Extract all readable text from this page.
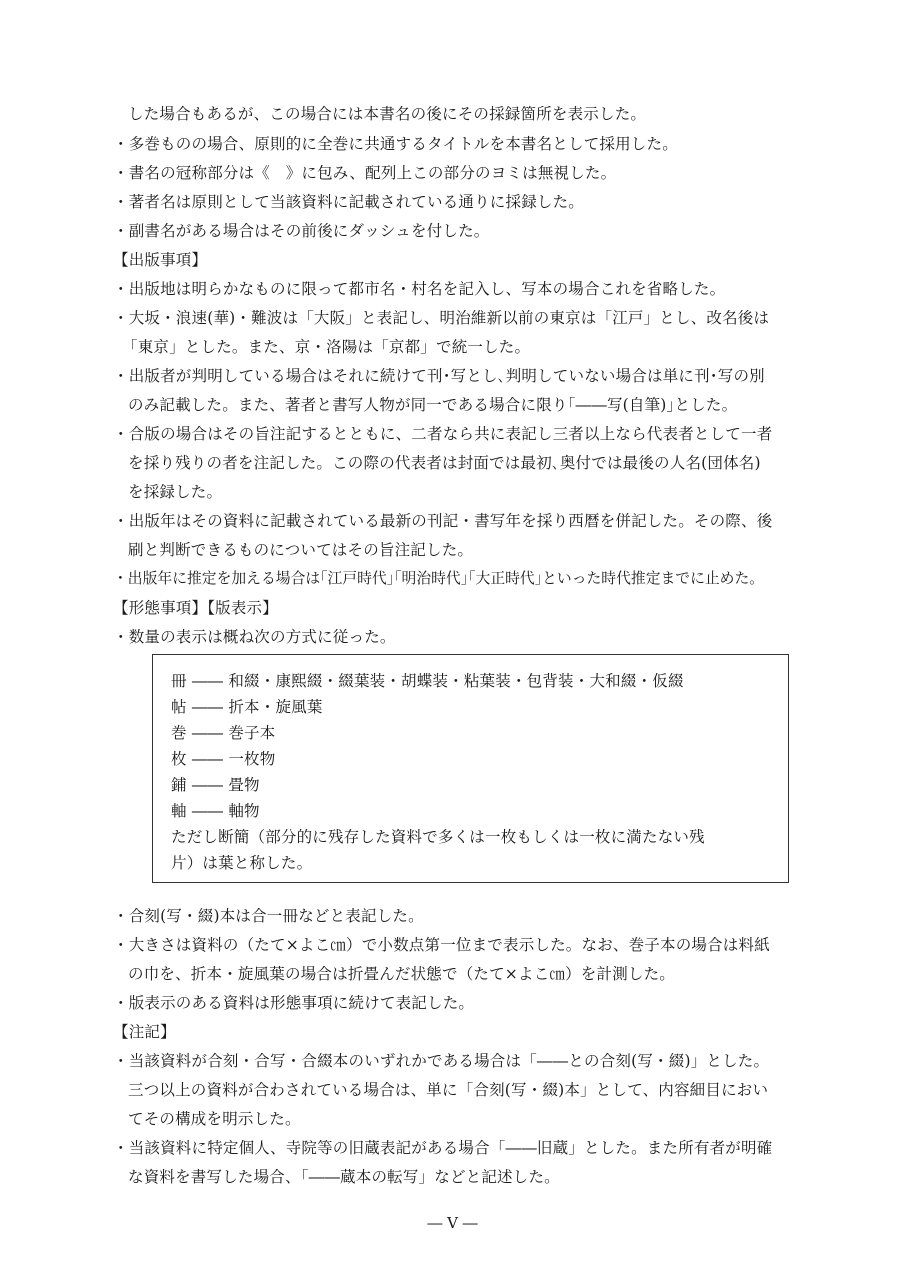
した場合もあるが、この場合には本書名の後にその採録箇所を表示した。
・多巻ものの場合、原則的に全巻に共通するタイトルを本書名として採用した。
・書名の冠称部分は《　》に包み、配列上この部分のヨミは無視した。
・著者名は原則として当該資料に記載されている通りに採録した。
・副書名がある場合はその前後にダッシュを付した。
【出版事項】
・出版地は明らかなものに限って都市名・村名を記入し、写本の場合これを省略した。
・大坂・浪速(華)・難波は「大阪」と表記し、明治維新以前の東京は「江戸」とし、改名後は
「東京」とした。また、京・洛陽は「京都」で統一した。
・出版者が判明している場合はそれに続けて刊･写とし､判明していない場合は単に刊･写の別
のみ記載した。また、著者と書写人物が同一である場合に限り｢――写(自筆)｣とした。
・合版の場合はその旨注記するとともに、二者なら共に表記し三者以上なら代表者として一者
を採り残りの者を注記した。この際の代表者は封面では最初､奥付では最後の人名(団体名)
を採録した。
・出版年はその資料に記載されている最新の刊記・書写年を採り西暦を併記した。その際、後
刷と判断できるものについてはその旨注記した。
・出版年に推定を加える場合は｢江戸時代｣｢明治時代｣｢大正時代｣といった時代推定までに止めた。
【形態事項】【版表示】
・数量の表示は概ね次の方式に従った。
冊 ―― 和綴・康熙綴・綴葉装・胡蝶装・粘葉装・包背装・大和綴・仮綴
帖 ―― 折本・旋風葉
巻 ―― 巻子本
枚 ―― 一枚物
鋪 ―― 畳物
軸 ―― 軸物
ただし断簡（部分的に残存した資料で多くは一枚もしくは一枚に満たない残
片）は葉と称した。
・合刻(写・綴)本は合一冊などと表記した。
・大きさは資料の（たて×よこ㎝）で小数点第一位まで表示した。なお、巻子本の場合は料紙
の巾を、折本・旋風葉の場合は折畳んだ状態で（たて×よこ㎝）を計測した。
・版表示のある資料は形態事項に続けて表記した。
【注記】
・当該資料が合刻・合写・合綴本のいずれかである場合は「――との合刻(写・綴)」とした。
三つ以上の資料が合わされている場合は、単に「合刻(写・綴)本」として、内容細目におい
てその構成を明示した。
・当該資料に特定個人、寺院等の旧蔵表記がある場合「――旧蔵」とした。また所有者が明確
な資料を書写した場合、「――蔵本の転写」などと記述した。
― V ―
